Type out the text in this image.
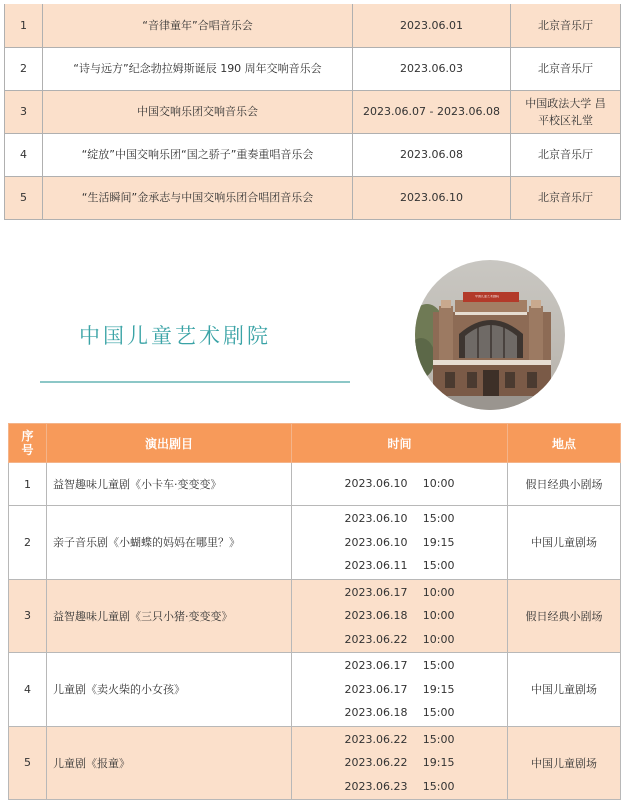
1	“音律童年”合唱音乐会	2023.06.01	北京音乐厅
2	“诗与远方”纪念勃拉姆斯诞辰 190 周年交响音乐会	2023.06.03	北京音乐厅
3	中国交响乐团交响音乐会	2023.06.07 - 2023.06.08	中国政法大学 昌平校区礼堂
4	“绽放”中国交响乐团“国之骄子”重奏重唱音乐会	2023.06.08	北京音乐厅
5	“生活瞬间”金承志与中国交响乐团合唱团音乐会	2023.06.10	北京音乐厅
中国儿童艺术剧院
中国儿童艺术剧院
序号	演出剧目	时间	地点
1	益智趣味儿童剧《小卡车·变变变》	2023.06.10 10:00	假日经典小剧场
2	亲子音乐剧《小蝴蝶的妈妈在哪里？》	2023.06.10 15:00
2023.06.10 19:15
2023.06.11 15:00	中国儿童剧场
3	益智趣味儿童剧《三只小猪·变变变》	2023.06.17 10:00
2023.06.18 10:00
2023.06.22 10:00	假日经典小剧场
4	儿童剧《卖火柴的小女孩》	2023.06.17 15:00
2023.06.17 19:15
2023.06.18 15:00	中国儿童剧场
5	儿童剧《报童》	2023.06.22 15:00
2023.06.22 19:15
2023.06.23 15:00	中国儿童剧场
